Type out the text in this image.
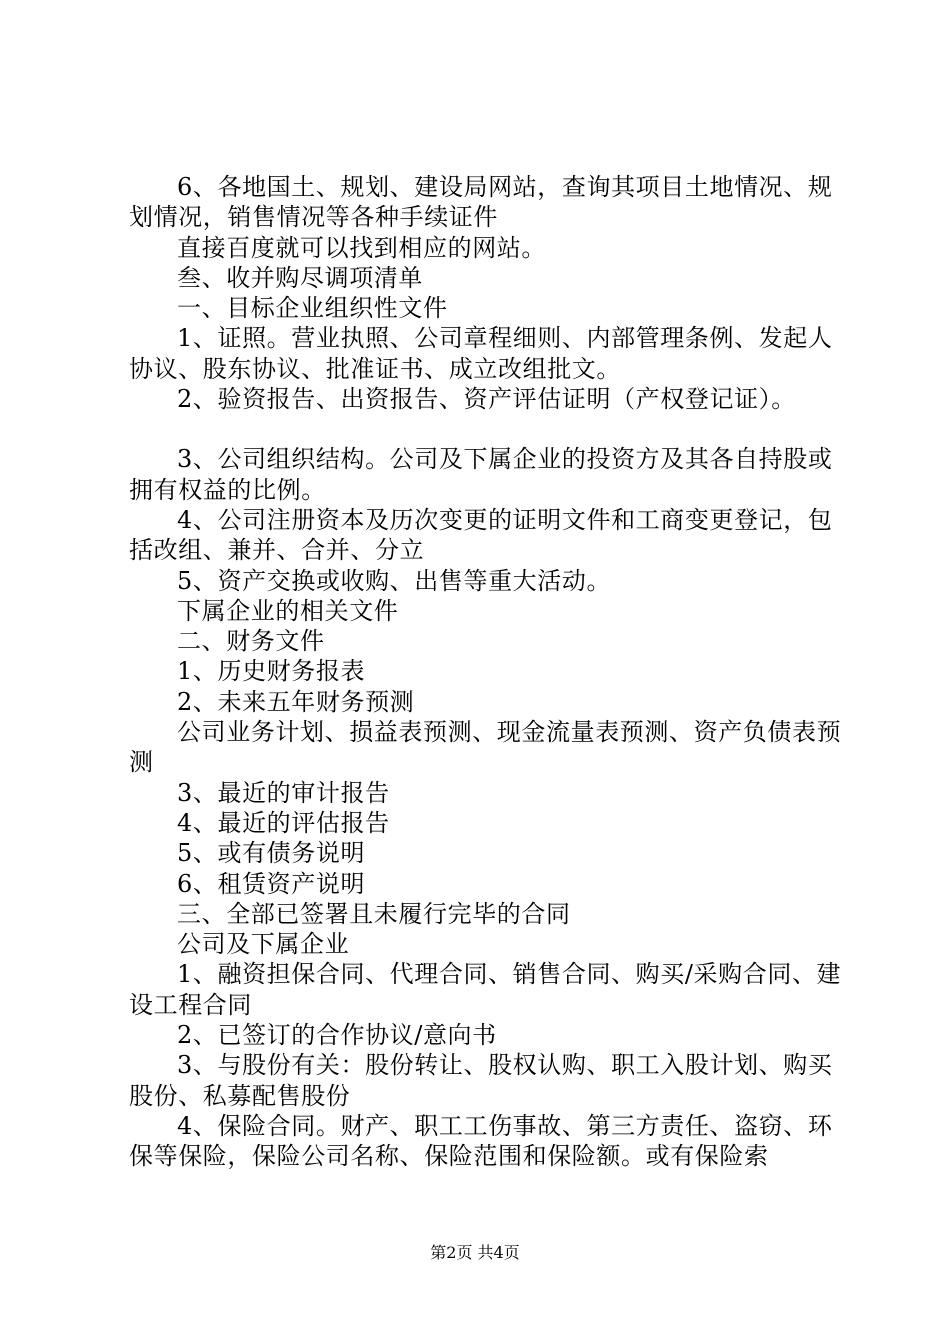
6、各地国土、规划、建设局网站，查询其项目土地情况、规划情况，销售情况等各种手续证件

直接百度就可以找到相应的网站。

叁、收并购尽调项清单

一、目标企业组织性文件

1、证照。营业执照、公司章程细则、内部管理条例、发起人协议、股东协议、批准证书、成立改组批文。

2、验资报告、出资报告、资产评估证明（产权登记证）。

3、公司组织结构。公司及下属企业的投资方及其各自持股或拥有权益的比例。

4、公司注册资本及历次变更的证明文件和工商变更登记，包括改组、兼并、合并、分立

5、资产交换或收购、出售等重大活动。

下属企业的相关文件

二、财务文件

1、历史财务报表

2、未来五年财务预测

公司业务计划、损益表预测、现金流量表预测、资产负债表预测

3、最近的审计报告

4、最近的评估报告

5、或有债务说明

6、租赁资产说明

三、全部已签署且未履行完毕的合同

公司及下属企业

1、融资担保合同、代理合同、销售合同、购买/采购合同、建设工程合同

2、已签订的合作协议/意向书

3、与股份有关：股份转让、股权认购、职工入股计划、购买股份、私募配售股份

4、保险合同。财产、职工工伤事故、第三方责任、盗窃、环保等保险，保险公司名称、保险范围和保险额。或有保险索

第2页 共4页
